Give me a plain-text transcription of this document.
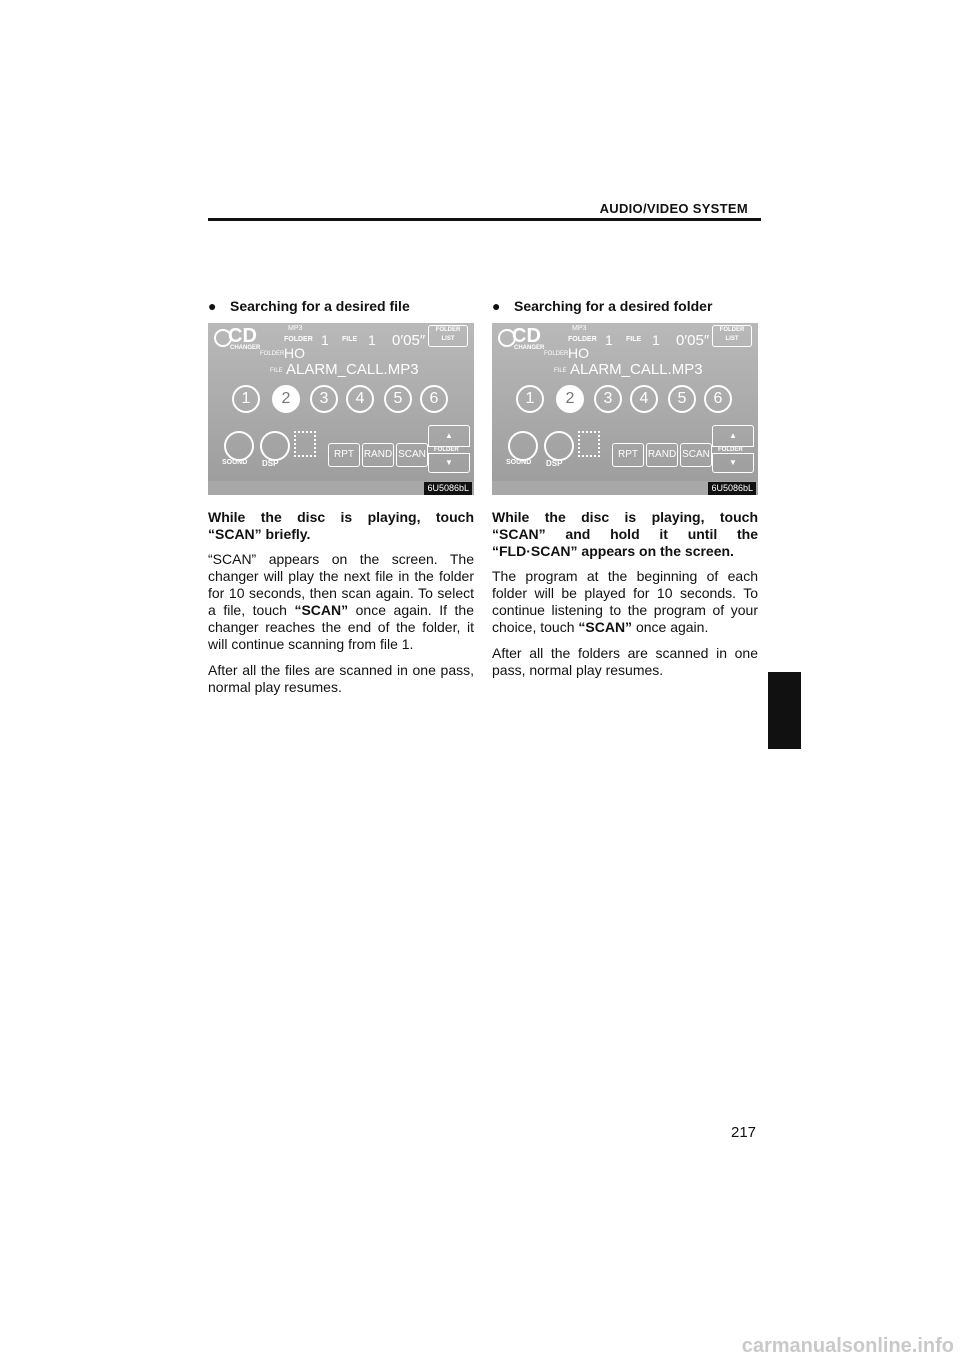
AUDIO/VIDEO SYSTEM
● Searching for a desired file
CD
CHANGER
MP3
FOLDER 1 FILE 1 0′05″
FOLDER LIST
FOLDER HO
FILE ALARM_CALL.MP3
1	2	3	4	5	6
SOUND DSP
RPT RAND SCAN
▲
FOLDER
▼
6U5086bL
While the disc is playing, touch “SCAN” briefly.
“SCAN” appears on the screen. The changer will play the next file in the folder for 10 seconds, then scan again. To select a file, touch “SCAN” once again. If the changer reaches the end of the folder, it will continue scanning from file 1.
After all the files are scanned in one pass, normal play resumes.
● Searching for a desired folder
CD
CHANGER
MP3
FOLDER 1 FILE 1 0′05″
FOLDER LIST
FOLDER HO
FILE ALARM_CALL.MP3
1	2	3	4	5	6
SOUND DSP
RPT RAND SCAN
▲
FOLDER
▼
6U5086bL
While the disc is playing, touch “SCAN” and hold it until the “FLD·SCAN” appears on the screen.
The program at the beginning of each folder will be played for 10 seconds. To continue listening to the program of your choice, touch “SCAN” once again.
After all the folders are scanned in one pass, normal play resumes.
217
carmanualsonline.info
